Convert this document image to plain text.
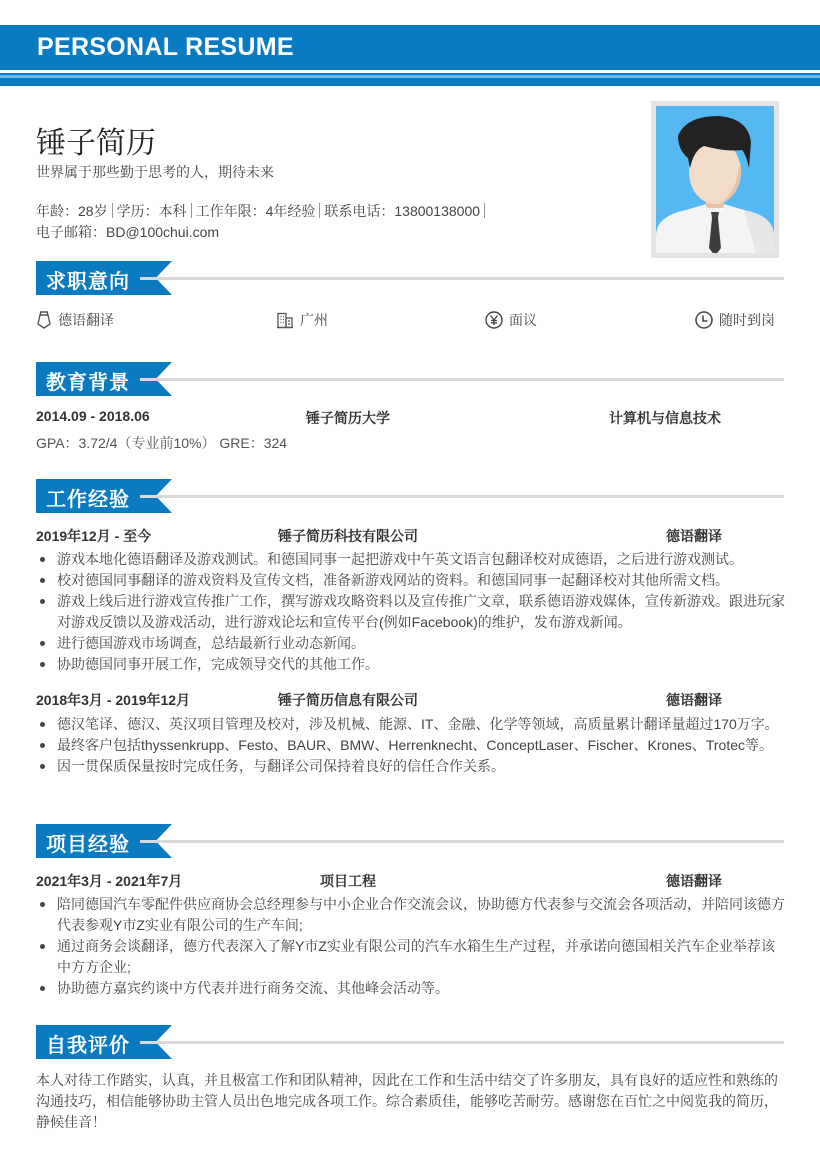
PERSONAL RESUME
锤子简历
世界属于那些勤于思考的人，期待未来
年龄：28岁 学历：本科 工作年限：4年经验 联系电话：13800138000
电子邮箱：BD@100chui.com
求职意向
德语翻译	广州	面议	随时到岗
教育背景
2014.09 - 2018.06	锤子简历大学	计算机与信息技术
GPA：3.72/4（专业前10%） GRE：324
工作经验
2019年12月 - 至今	锤子简历科技有限公司	德语翻译
游戏本地化德语翻译及游戏测试。和德国同事一起把游戏中午英文语言包翻译校对成德语，之后进行游戏测试。
校对德国同事翻译的游戏资料及宣传文档，准备新游戏网站的资料。和德国同事一起翻译校对其他所需文档。
游戏上线后进行游戏宣传推广工作，撰写游戏攻略资料以及宣传推广文章，联系德语游戏媒体，宣传新游戏。跟进玩家对游戏反馈以及游戏活动，进行游戏论坛和宣传平台(例如Facebook)的维护，发布游戏新闻。
进行德国游戏市场调查，总结最新行业动态新闻。
协助德国同事开展工作，完成领导交代的其他工作。
2018年3月 - 2019年12月	锤子简历信息有限公司	德语翻译
德汉笔译、德汉、英汉项目管理及校对，涉及机械、能源、IT、金融、化学等领域，高质量累计翻译量超过170万字。
最终客户包括thyssenkrupp、Festo、BAUR、BMW、Herrenknecht、ConceptLaser、Fischer、Krones、Trotec等。
因一贯保质保量按时完成任务，与翻译公司保持着良好的信任合作关系。
项目经验
2021年3月 - 2021年7月	项目工程	德语翻译
陪同德国汽车零配件供应商协会总经理参与中小企业合作交流会议，协助德方代表参与交流会各项活动，并陪同该德方代表参观Y市Z实业有限公司的生产车间;
通过商务会谈翻译，德方代表深入了解Y市Z实业有限公司的汽车水箱生生产过程，并承诺向德国相关汽车企业举荐该中方方企业;
协助德方嘉宾约谈中方代表并进行商务交流、其他峰会活动等。
自我评价
本人对待工作踏实，认真，并且极富工作和团队精神，因此在工作和生活中结交了许多朋友，具有良好的适应性和熟练的沟通技巧，相信能够协助主管人员出色地完成各项工作。综合素质佳，能够吃苦耐劳。感谢您在百忙之中阅览我的简历，静候佳音！
